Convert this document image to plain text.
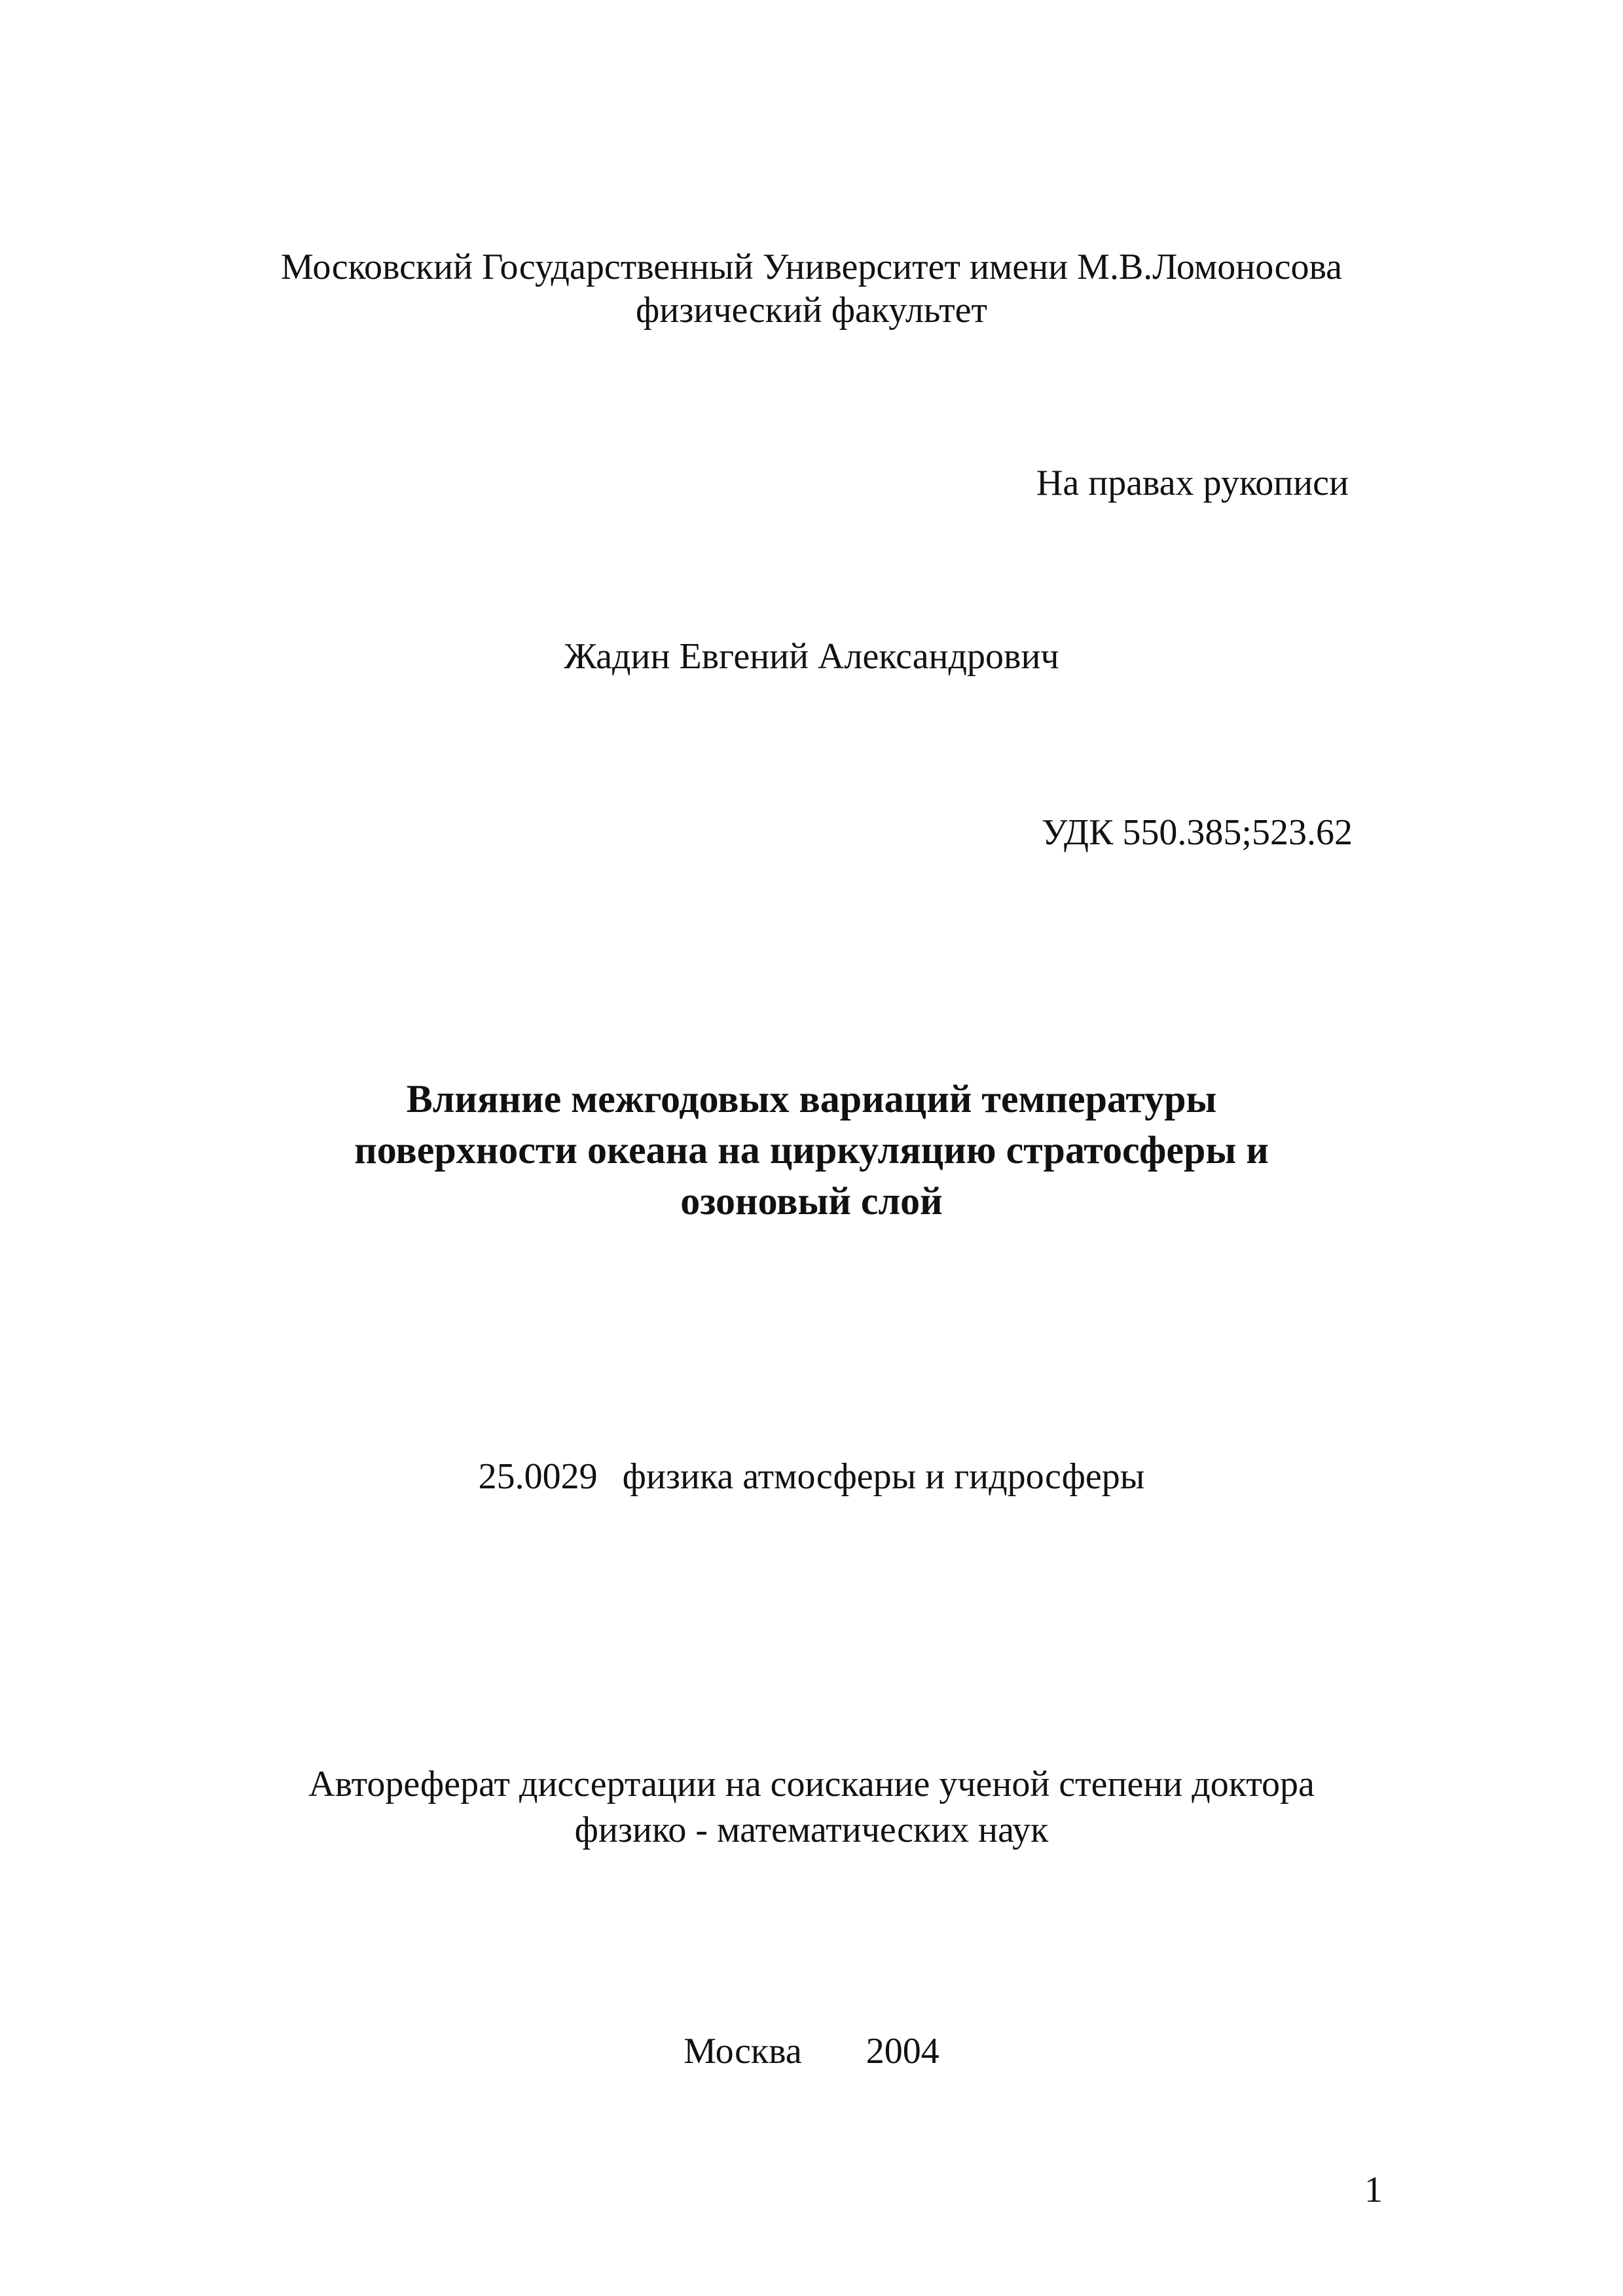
Московский Государственный Университет имени М.В.Ломоносова
физический факультет
На правах рукописи
Жадин Евгений Александрович
УДК 550.385;523.62
Влияние межгодовых вариаций температуры
поверхности океана на циркуляцию стратосферы и
озоновый слой
25.0029 физика атмосферы и гидросферы
Автореферат диссертации на соискание ученой степени доктора
физико - математических наук
Москва 2004
1
